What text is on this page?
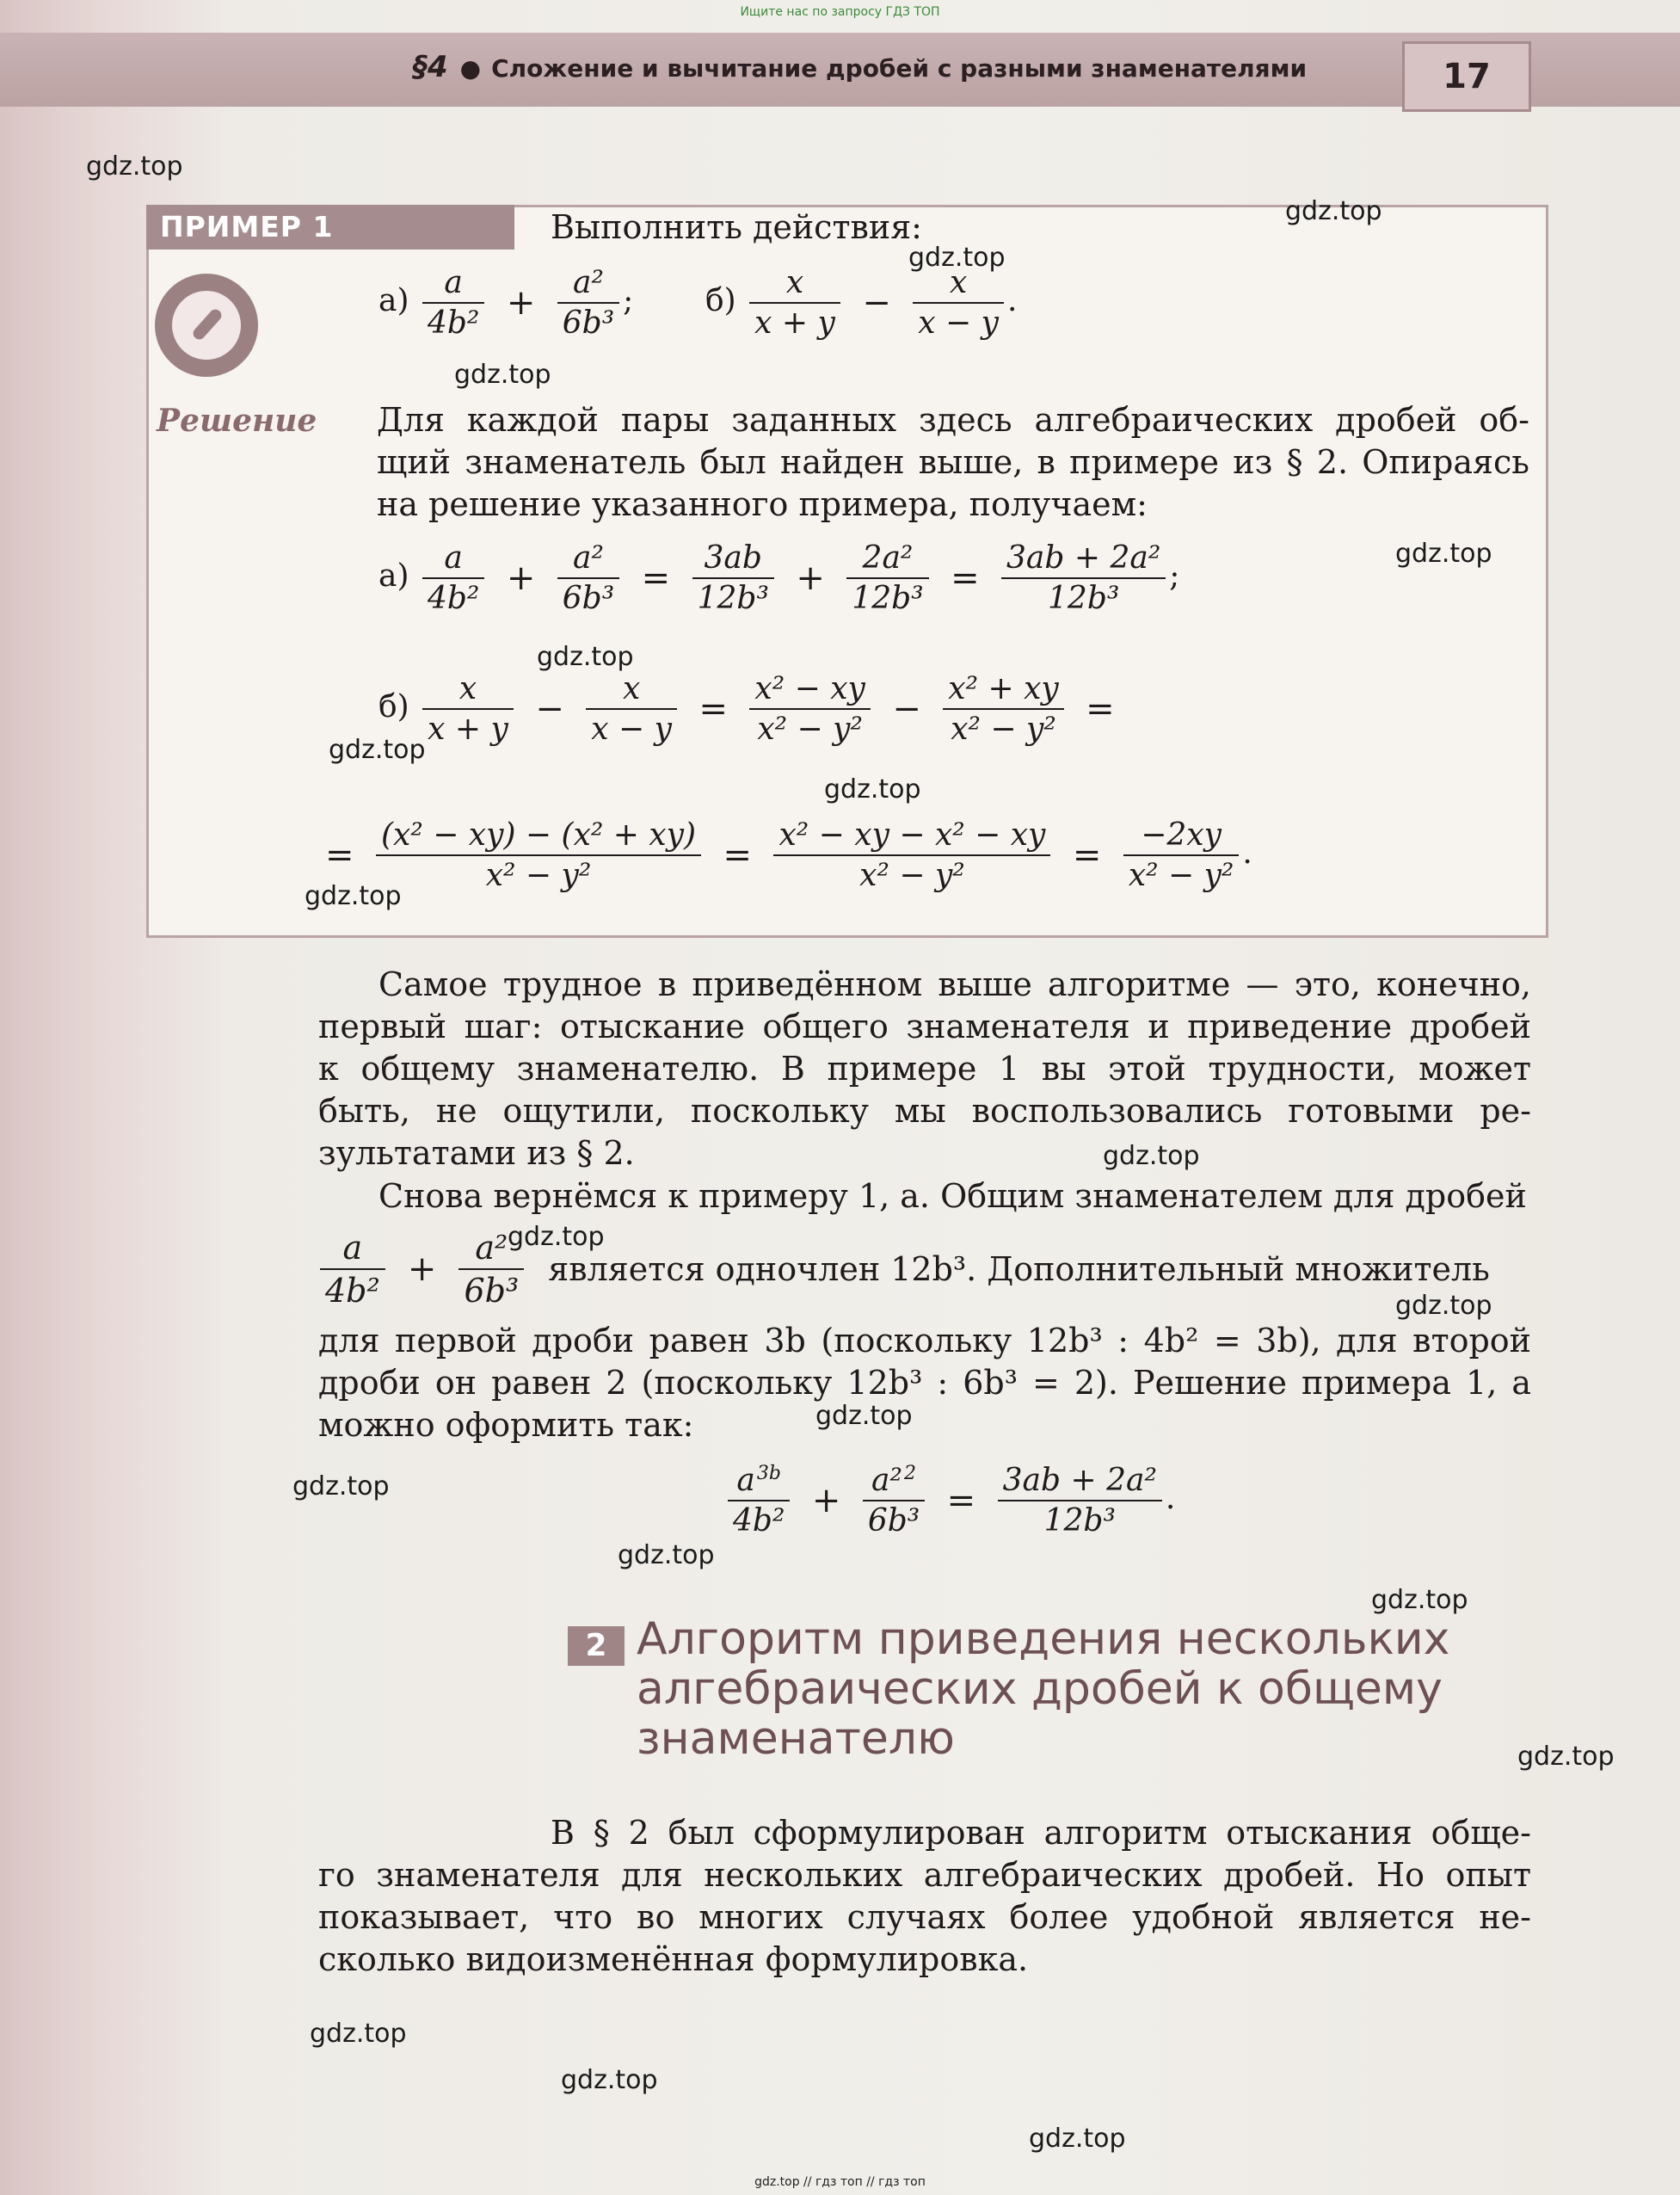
Ищите нас по запросу ГДЗ ТОП
§4 ● Сложение и вычитание дробей с разными знаменателями	17
ПРИМЕР 1	Выполнить действия:
$а) \frac{a}{\text{4b²}} + \frac{\text{a²}}{\text{6b³}}$ ; $б) \frac{x}{x + y} - \frac{x}{x - y}$ .
Решение Для каждой пары заданных здесь алгебраических дробей об-
щий знаменатель был найден выше, в примере из § 2. Опираясь
на решение указанного примера, получаем:
$а) \frac{a}{\text{4b²}} + \frac{\text{a²}}{\text{6b³}} = \frac{3ab}{\text{12b³}} + \frac{\text{2a²}}{\text{12b³}} = \frac{\text{3ab + 2a²}}{\text{12b³}}$ ;
$б) \frac{x}{x + y} - \frac{x}{x - y} = \frac{\text{x² − xy}}{\text{x² − y²}} - \frac{\text{x² + xy}}{\text{x² − y²}}$ =
= $\frac{\text{(x² − xy) − (x² + xy)}}{\text{x² − y²}} = \frac{\text{x² − xy − x² − xy}}{\text{x² − y²}} = \frac{-2xy}{\text{x² − y²}}$ .
Самое трудное в приведённом выше алгоритме — это, конечно,
первый шаг: отыскание общего знаменателя и приведение дробей
к общему знаменателю. В примере 1 вы этой трудности, может
быть, не ощутили, поскольку мы воспользовались готовыми ре-
зультатами из § 2.
Снова вернёмся к примеру 1, а. Общим знаменателем для дробей
$\frac{a}{\text{4b²}} + \frac{\text{a²}}{\text{6b³}}$ является одночлен 12b³. Дополнительный множитель
для первой дроби равен 3b (поскольку 12b³ : 4b² = 3b), для второй
дроби он равен 2 (поскольку 12b³ : 6b³ = 2). Решение примера 1, а
можно оформить так:
$\frac{a^{3b}}{\text{4b²}} + \frac{a^2^2}{\text{6b³}} = \frac{\text{3ab + 2a²}}{\text{12b³}}$ .
2 Алгоритм приведения нескольких
алгебраических дробей к общему
знаменателю
В § 2 был сформулирован алгоритм отыскания обще-
го знаменателя для нескольких алгебраических дробей. Но опыт
показывает, что во многих случаях более удобной является не-
сколько видоизменённая формулировка.
gdz.top
gdz.top
gdz.top
gdz.top
gdz.top
gdz.top
gdz.top
gdz.top
gdz.top
gdz.top
gdz.top
gdz.top
gdz.top
gdz.top
gdz.top
gdz.top
gdz.top
gdz.top
gdz.top
gdz.top
gdz.top // гдз топ // гдз топ
